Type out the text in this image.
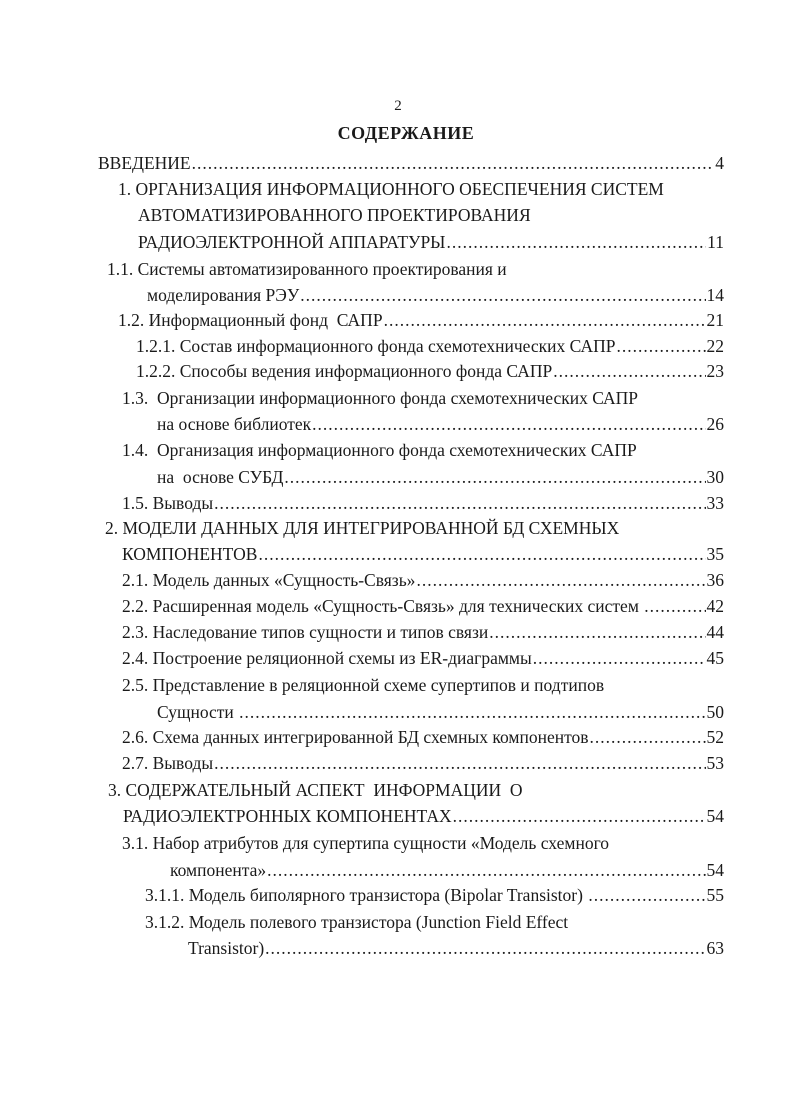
2
СОДЕРЖАНИЕ
ВВЕДЕНИЕ .....	4
1. ОРГАНИЗАЦИЯ ИНФОРМАЦИОННОГО ОБЕСПЕЧЕНИЯ СИСТЕМ
АВТОМАТИЗИРОВАННОГО ПРОЕКТИРОВАНИЯ
РАДИОЭЛЕКТРОННОЙ АППАРАТУРЫ .....	11
1.1. Системы автоматизированного проектирования и
моделирования РЭУ .....	14
1.2. Информационный фонд  САПР .....	21
1.2.1. Состав информационного фонда схемотехнических САПР .....	22
1.2.2. Способы ведения информационного фонда САПР .....	23
1.3.  Организации информационного фонда схемотехнических САПР
на основе библиотек .....	26
1.4.  Организация информационного фонда схемотехнических САПР
на  основе СУБД .....	30
1.5. Выводы .....	33
2. МОДЕЛИ ДАННЫХ ДЛЯ ИНТЕГРИРОВАННОЙ БД СХЕМНЫХ
КОМПОНЕНТОВ .....	35
2.1. Модель данных «Сущность-Связь» .....	36
2.2. Расширенная модель «Сущность-Связь» для технических систем .....	42
2.3. Наследование типов сущности и типов связи .....	44
2.4. Построение реляционной схемы из ER-диаграммы .....	45
2.5. Представление в реляционной схеме супертипов и подтипов
Сущности .....	50
2.6. Схема данных интегрированной БД схемных компонентов .....	52
2.7. Выводы .....	53
3. СОДЕРЖАТЕЛЬНЫЙ АСПЕКТ  ИНФОРМАЦИИ  О
РАДИОЭЛЕКТРОННЫХ КОМПОНЕНТАХ .....	54
3.1. Набор атрибутов для супертипа сущности «Модель схемного
компонента» .....	54
3.1.1. Модель биполярного транзистора (Bipolar Transistor) .....	55
3.1.2. Модель полевого транзистора (Junction Field Effect
Transistor) .....	63
